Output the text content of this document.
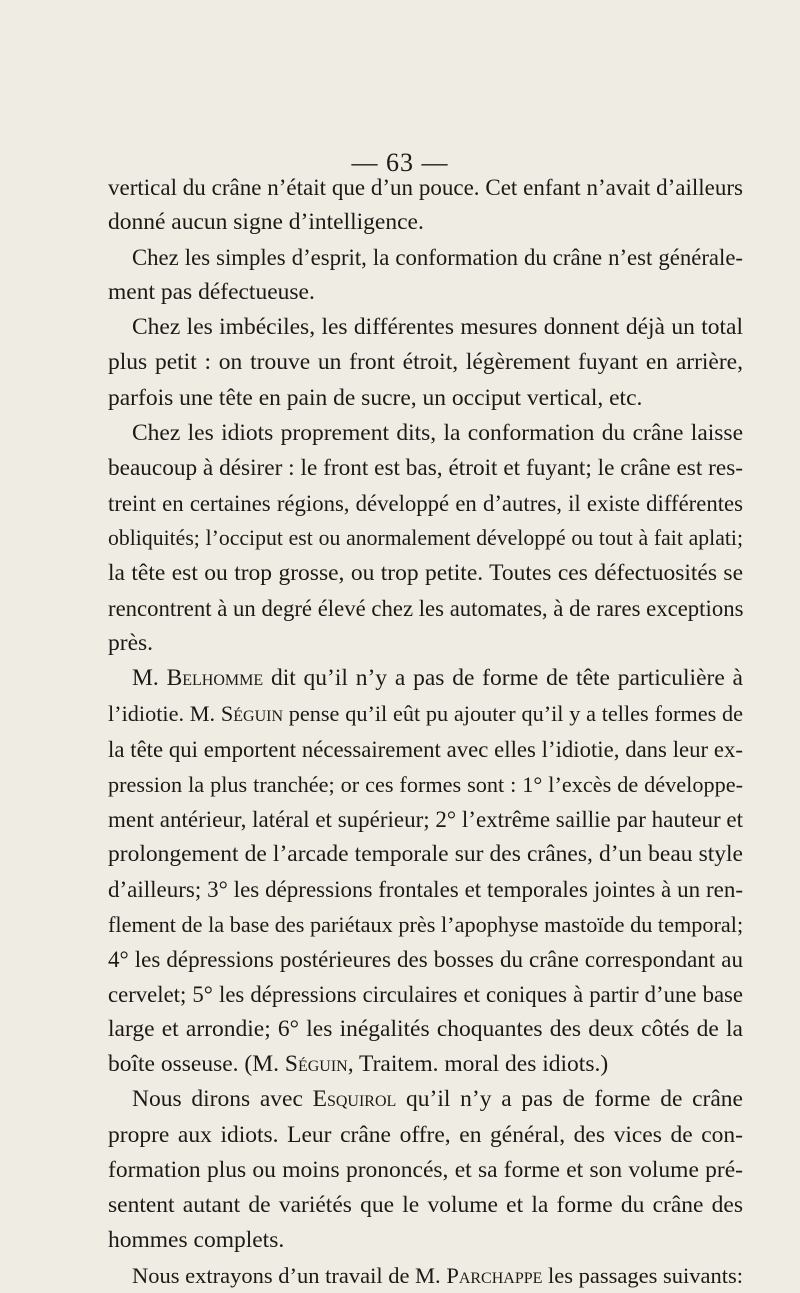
— 63 —
vertical du crâne n’était que d’un pouce. Cet enfant n’avait d’ailleurs
donné aucun signe d’intelligence.
Chez les simples d’esprit, la conformation du crâne n’est générale-
ment pas défectueuse.
Chez les imbéciles, les différentes mesures donnent déjà un total
plus petit : on trouve un front étroit, légèrement fuyant en arrière,
parfois une tête en pain de sucre, un occiput vertical, etc.
Chez les idiots proprement dits, la conformation du crâne laisse
beaucoup à désirer : le front est bas, étroit et fuyant; le crâne est res-
treint en certaines régions, développé en d’autres, il existe différentes
obliquités; l’occiput est ou anormalement développé ou tout à fait aplati;
la tête est ou trop grosse, ou trop petite. Toutes ces défectuosités se
rencontrent à un degré élevé chez les automates, à de rares exceptions
près.
M. Belhomme dit qu’il n’y a pas de forme de tête particulière à
l’idiotie. M. Séguin pense qu’il eût pu ajouter qu’il y a telles formes de
la tête qui emportent nécessairement avec elles l’idiotie, dans leur ex-
pression la plus tranchée; or ces formes sont : 1° l’excès de développe-
ment antérieur, latéral et supérieur; 2° l’extrême saillie par hauteur et
prolongement de l’arcade temporale sur des crânes, d’un beau style
d’ailleurs; 3° les dépressions frontales et temporales jointes à un ren-
flement de la base des pariétaux près l’apophyse mastoïde du temporal;
4° les dépressions postérieures des bosses du crâne correspondant au
cervelet; 5° les dépressions circulaires et coniques à partir d’une base
large et arrondie; 6° les inégalités choquantes des deux côtés de la
boîte osseuse. (M. Séguin, Traitem. moral des idiots.)
Nous dirons avec Esquirol qu’il n’y a pas de forme de crâne
propre aux idiots. Leur crâne offre, en général, des vices de con-
formation plus ou moins prononcés, et sa forme et son volume pré-
sentent autant de variétés que le volume et la forme du crâne des
hommes complets.
Nous extrayons d’un travail de M. Parchappe les passages suivants:
